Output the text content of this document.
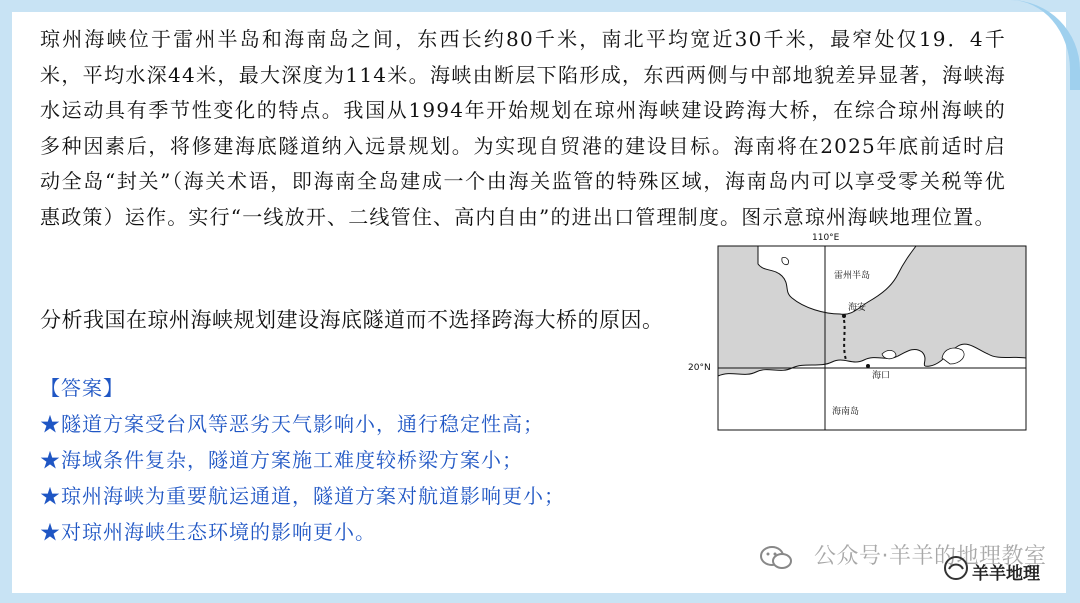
琼州海峡位于雷州半岛和海南岛之间，东西长约80千米，南北平均宽近30千米，最窄处仅19．4千米，平均水深44米，最大深度为114米。海峡由断层下陷形成，东西两侧与中部地貌差异显著，海峡海水运动具有季节性变化的特点。我国从1994年开始规划在琼州海峡建设跨海大桥，在综合琼州海峡的多种因素后，将修建海底隧道纳入远景规划。为实现自贸港的建设目标。海南将在2025年底前适时启动全岛“封关”（海关术语，即海南全岛建成一个由海关监管的特殊区域，海南岛内可以享受零关税等优惠政策）运作。实行“一线放开、二线管住、高内自由”的进出口管理制度。图示意琼州海峡地理位置。
分析我国在琼州海峡规划建设海底隧道而不选择跨海大桥的原因。
【答案】
★隧道方案受台风等恶劣天气影响小，通行稳定性高；
★海域条件复杂，隧道方案施工难度较桥梁方案小；
★琼州海峡为重要航运通道，隧道方案对航道影响更小；
★对琼州海峡生态环境的影响更小。
110°E
20°N
雷州半岛
海安
海口
海南岛
公众号·羊羊的地理教室
羊羊地理
